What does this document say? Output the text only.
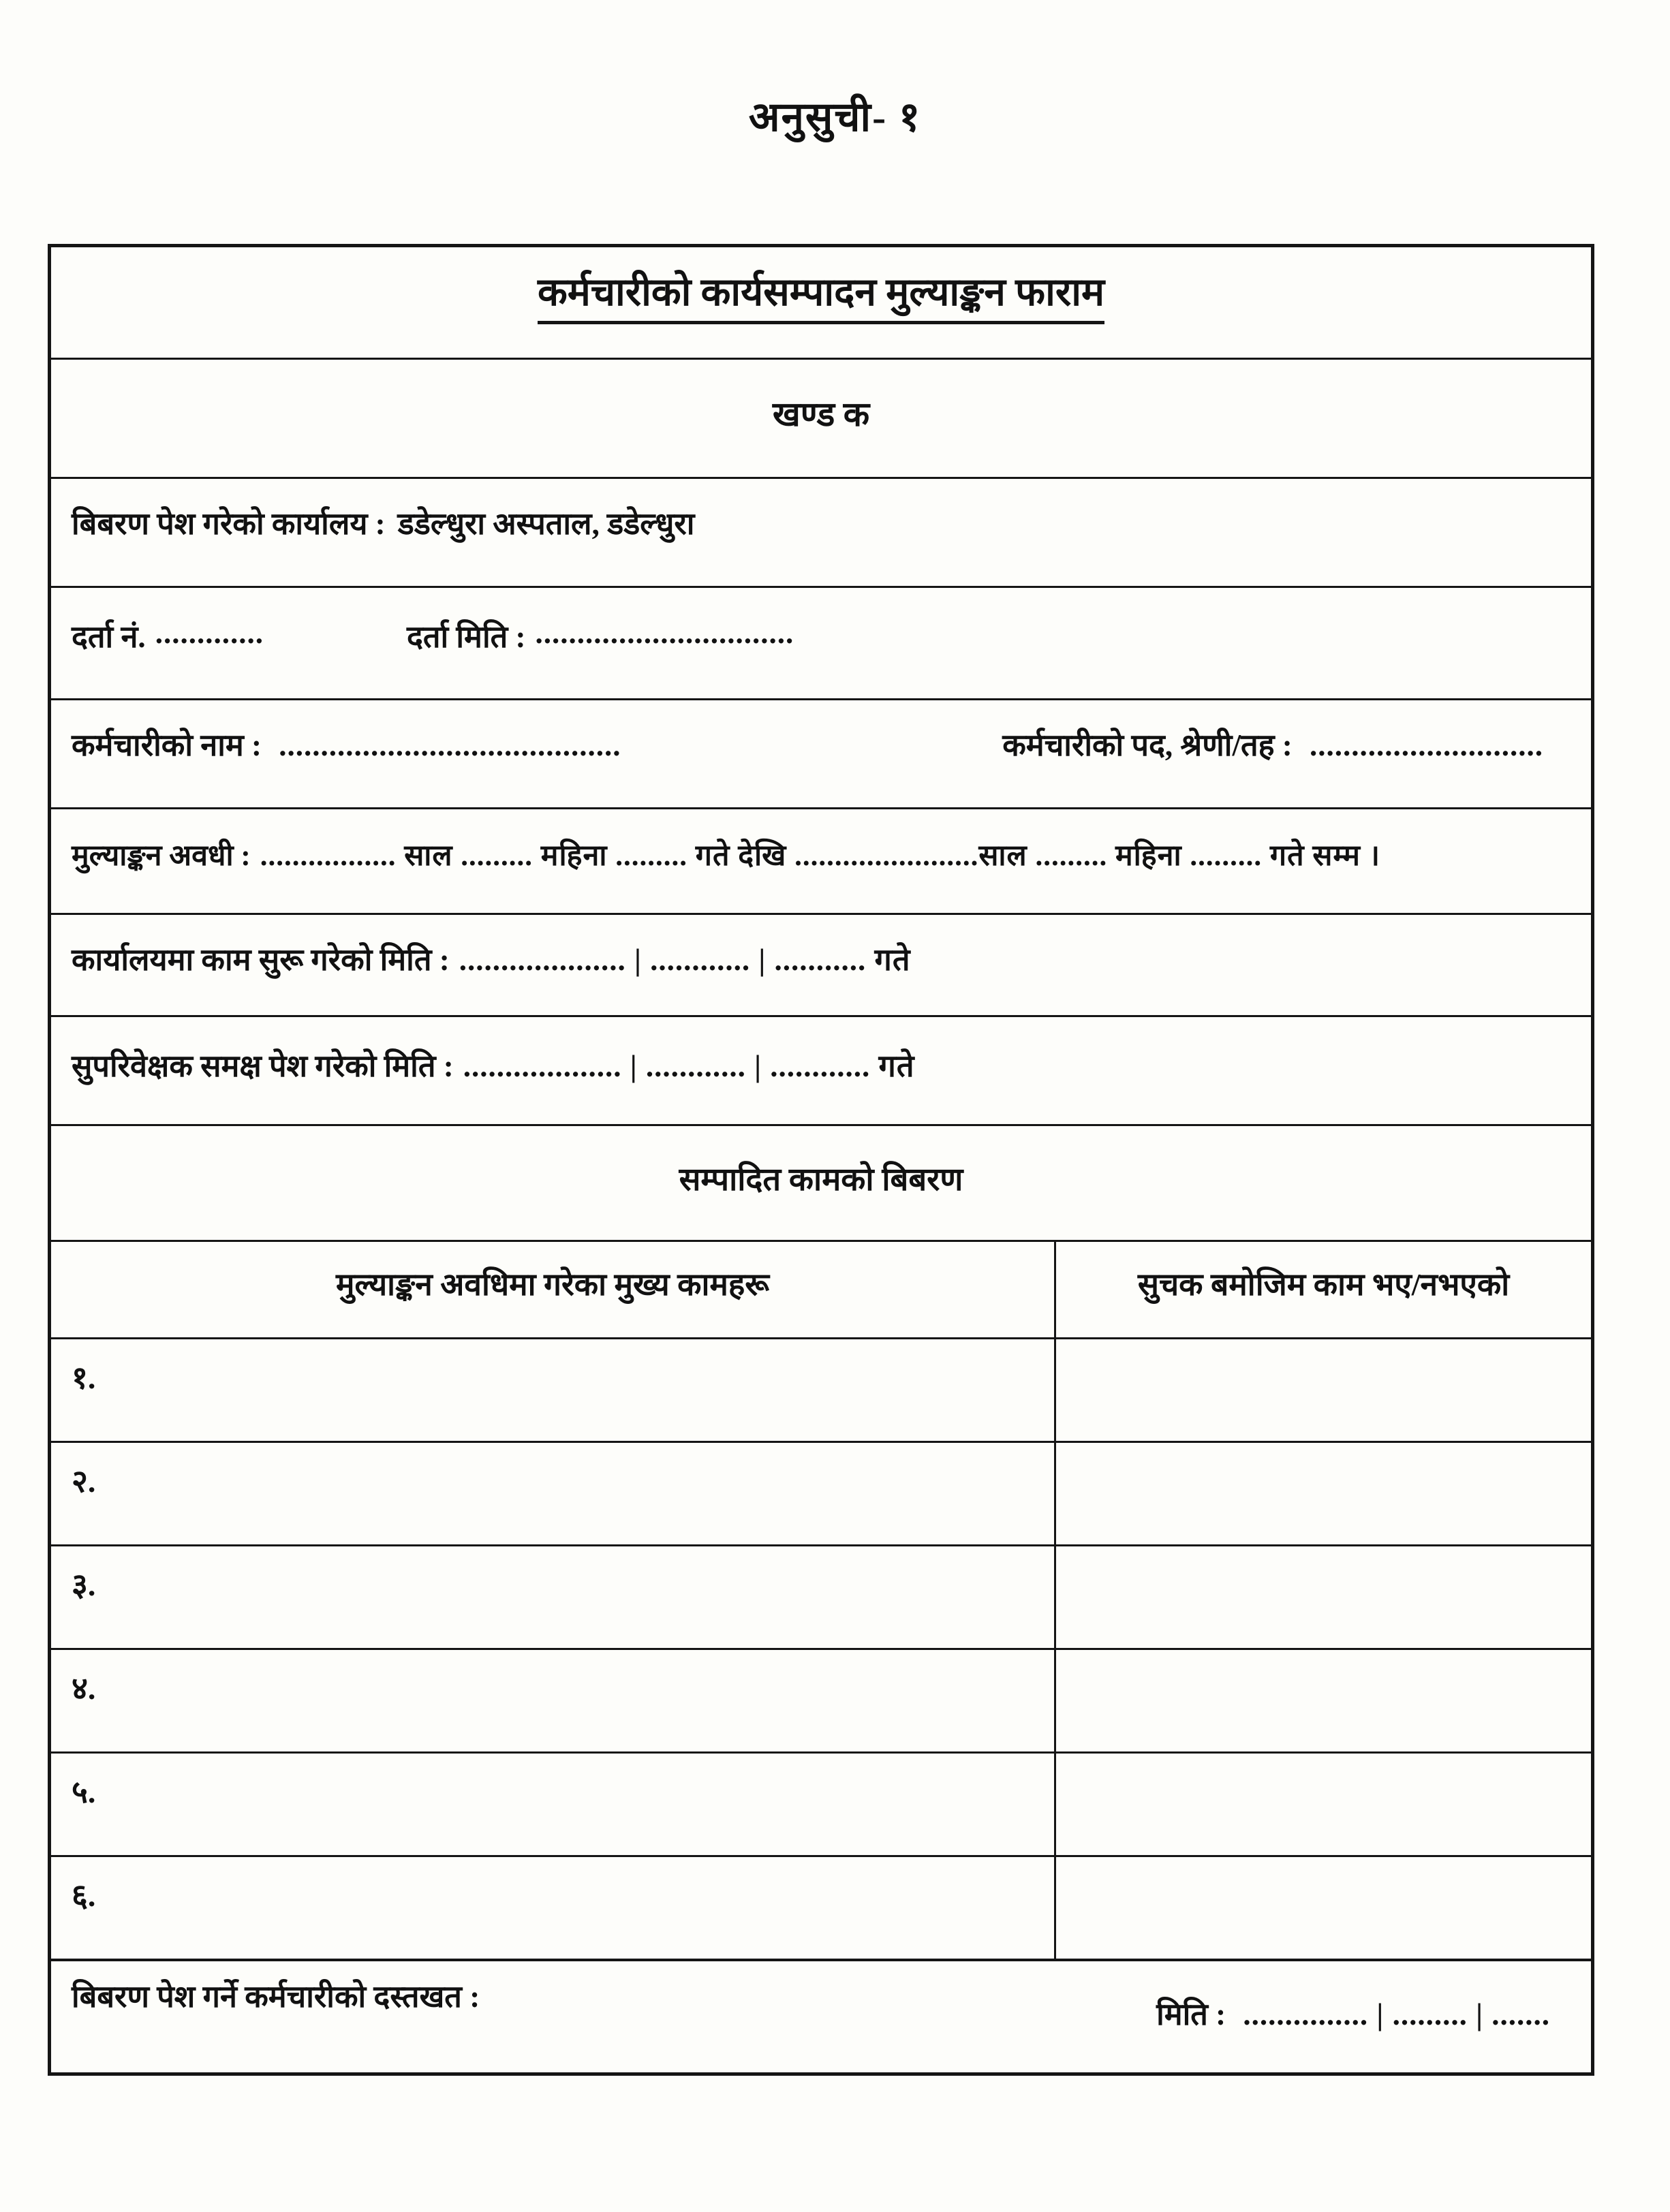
अनुसुची- १
कर्मचारीको कार्यसम्पादन मुल्याङ्कन फाराम
खण्ड क
बिबरण पेश गरेको कार्यालय : डडेल्धुरा अस्पताल, डडेल्धुरा
दर्ता नं. .............	दर्ता मिति : ...............................
कर्मचारीको नाम : .........................................	कर्मचारीको पद, श्रेणी/तह : ............................
मुल्याङ्कन अवधी : ................. साल ......... महिना ......... गते देखि .......................साल ......... महिना ......... गते सम्म ।
कार्यालयमा काम सुरू गरेको मिति : .................... | ............ | ........... गते
सुपरिवेक्षक समक्ष पेश गरेको मिति : ................... | ............ | ............ गते
सम्पादित कामको बिबरण
मुल्याङ्कन अवधिमा गरेका मुख्य कामहरू	सुचक बमोजिम काम भए/नभएको
१.
२.
३.
४.
५.
६.
बिबरण पेश गर्ने कर्मचारीको दस्तखत :
मिति : ............... | ......... | .......
